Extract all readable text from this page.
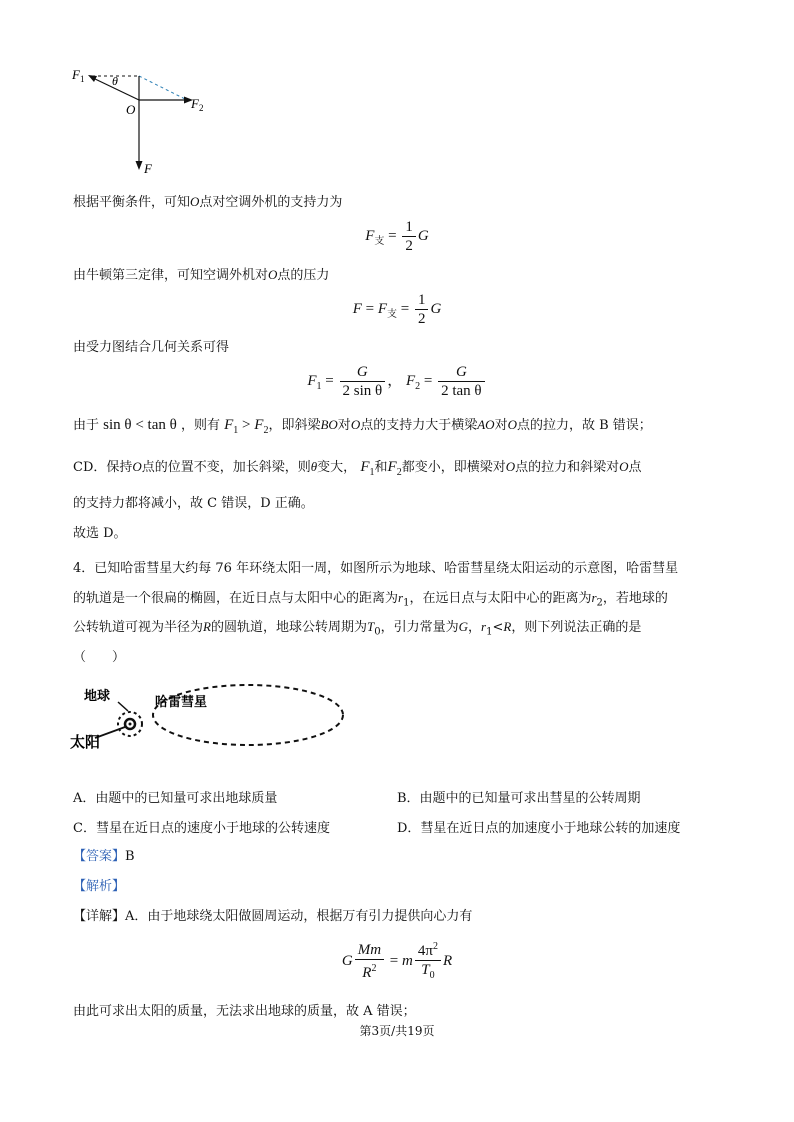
F 1 θ
O	F 2
F
根据平衡条件，可知O点对空调外机的支持力为
$F_支 = \frac{1}{2}$ G
由牛顿第三定律，可知空调外机对O点的压力
$F = F_支 = \frac{1}{2}$ G
由受力图结合几何关系可得
$F_1 = \frac{G}{\text{2 sin θ}}$ ， $F_2 = \frac{G}{\text{2 tan θ}}$
由于 sin θ < tan θ ，则有 $F_1 > F_2$，即斜梁BO对O点的支持力大于横梁AO对O点的拉力，故 B 错误；
CD．保持O点的位置不变，加长斜梁，则θ变大， $F_1$和$F_2$都变小，即横梁对O点的拉力和斜梁对O点
的支持力都将减小，故 C 错误，D 正确。
故选 D。
4．已知哈雷彗星大约每 76 年环绕太阳一周，如图所示为地球、哈雷彗星绕太阳运动的示意图，哈雷彗星
的轨道是一个很扁的椭圆，在近日点与太阳中心的距离为$r_1$，在远日点与太阳中心的距离为$r_2$，若地球的
公转轨道可视为半径为R的圆轨道，地球公转周期为$T_0$，引力常量为G，$r_1<R$，则下列说法正确的是
（　　）
地球	哈雷彗星
太阳
A．由题中的已知量可求出地球质量	B．由题中的已知量可求出彗星的公转周期
C．彗星在近日点的速度小于地球的公转速度	D．彗星在近日点的加速度小于地球公转的加速度
【答案】B
【解析】
【详解】A．由于地球绕太阳做圆周运动，根据万有引力提供向心力有
G $\frac{Mm}{R^2} = m \frac{4\pi^2}{T_0}$ R
由此可求出太阳的质量，无法求出地球的质量，故 A 错误；
第3页/共19页
